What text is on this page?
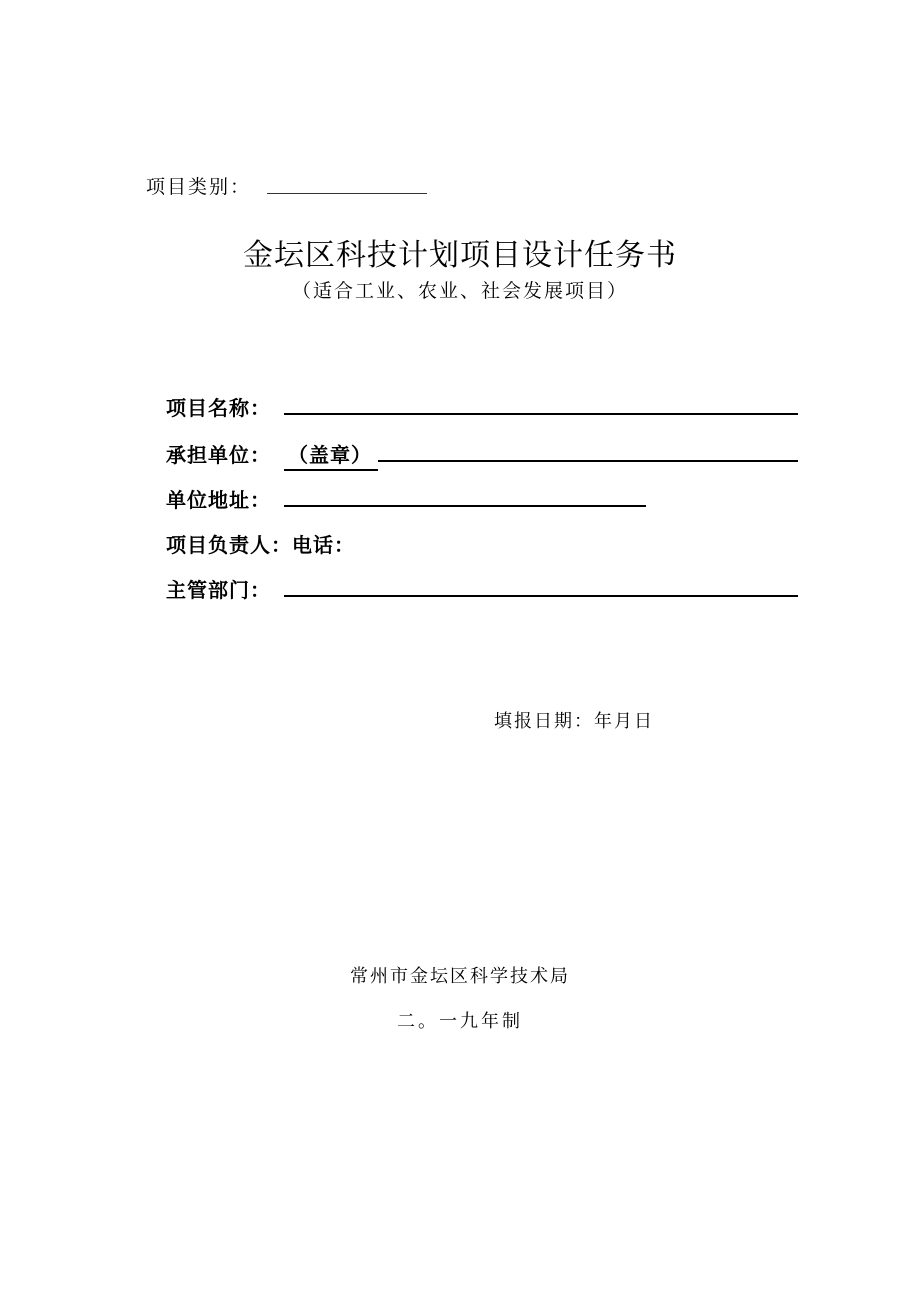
项目类别：
金坛区科技计划项目设计任务书
（适合工业、农业、社会发展项目）
项目名称：
承担单位： （盖章）
单位地址：
项目负责人：电话：
主管部门：
填报日期：年月日
常州市金坛区科学技术局
二。一九年制
